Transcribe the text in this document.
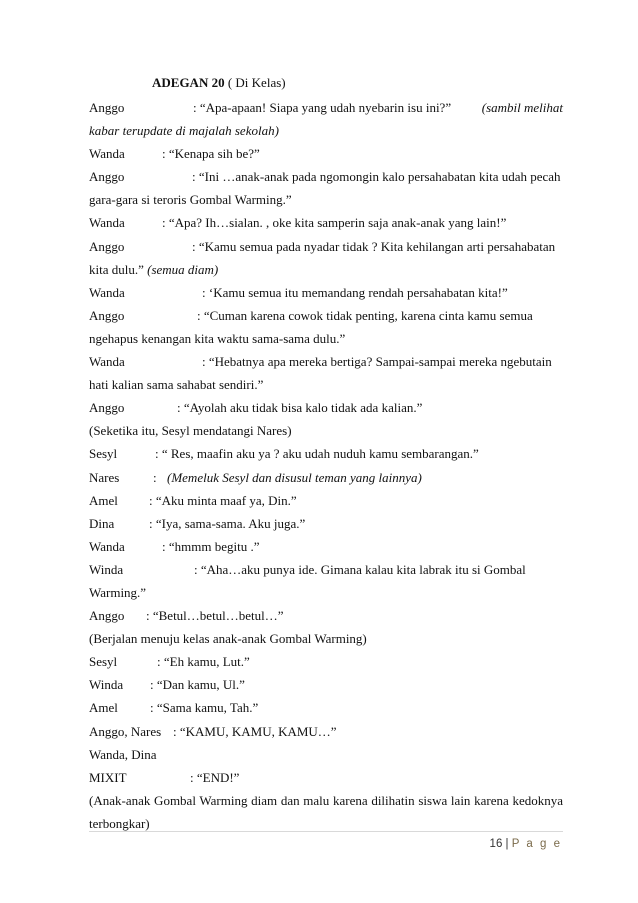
ADEGAN 20 ( Di Kelas)
Anggo	: “Apa-apaan! Siapa yang udah nyebarin isu ini?” (sambil melihat
kabar terupdate di majalah sekolah)
Wanda	: “Kenapa sih be?”
Anggo	: “Ini …anak-anak pada ngomongin kalo persahabatan kita udah pecah
gara-gara si teroris Gombal Warming.”
Wanda	: “Apa? Ih…sialan. , oke kita samperin saja anak-anak yang lain!”
Anggo	: “Kamu semua pada nyadar tidak ? Kita kehilangan arti persahabatan
kita dulu.” (semua diam)
Wanda	: ‘Kamu semua itu memandang rendah persahabatan kita!”
Anggo	: “Cuman karena cowok tidak penting, karena cinta kamu semua
ngehapus kenangan kita waktu sama-sama dulu.”
Wanda	: “Hebatnya apa mereka bertiga? Sampai-sampai mereka ngebutain
hati kalian sama sahabat sendiri.”
Anggo	: “Ayolah aku tidak bisa kalo tidak ada kalian.”
(Seketika itu, Sesyl mendatangi Nares)
Sesyl	: “ Res, maafin aku ya ? aku udah nuduh kamu sembarangan.”
Nares	: (Memeluk Sesyl dan disusul teman yang lainnya)
Amel : “Aku minta maaf ya, Din.”
Dina	: “Iya, sama-sama. Aku juga.”
Wanda	: “hmmm begitu .”
Winda	: “Aha…aku punya ide. Gimana kalau kita labrak itu si Gombal
Warming.”
Anggo : “Betul…betul…betul…”
(Berjalan menuju kelas anak-anak Gombal Warming)
Sesyl	: “Eh kamu, Lut.”
Winda : “Dan kamu, Ul.”
Amel : “Sama kamu, Tah.”
Anggo, Nares : “KAMU, KAMU, KAMU…”
Wanda, Dina
MIXIT	: “END!”
(Anak-anak Gombal Warming diam dan malu karena dilihatin siswa lain karena kedoknya
terbongkar)
16 | P a g e
